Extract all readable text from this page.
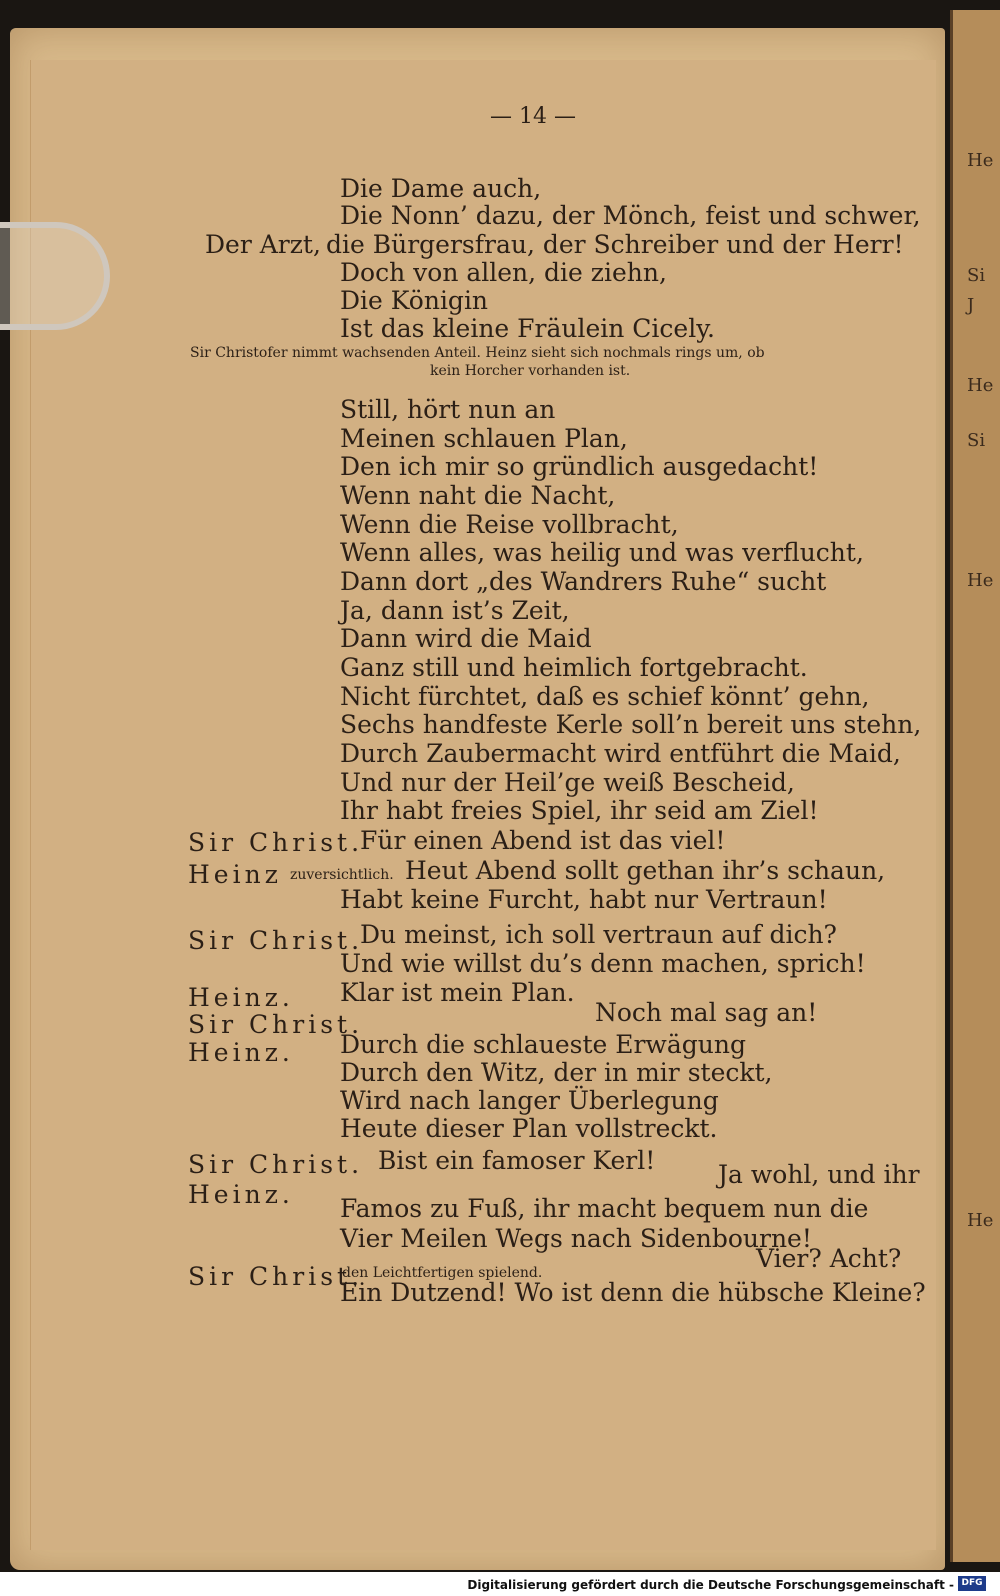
He
Si
J
He
Si
He
He
— 14 —
Die Dame auch,
Die Nonn’ dazu, der Mönch, feist und schwer,
Der Arzt, die Bürgersfrau, der Schreiber und der Herr!
Doch von allen, die ziehn,
Die Königin
Ist das kleine Fräulein Cicely.
Sir Christofer nimmt wachsenden Anteil. Heinz sieht sich nochmals rings um, ob
kein Horcher vorhanden ist.
Still, hört nun an
Meinen schlauen Plan,
Den ich mir so gründlich ausgedacht!
Wenn naht die Nacht,
Wenn die Reise vollbracht,
Wenn alles, was heilig und was verflucht,
Dann dort „des Wandrers Ruhe“ sucht
Ja, dann ist’s Zeit,
Dann wird die Maid
Ganz still und heimlich fortgebracht.
Nicht fürchtet, daß es schief könnt’ gehn,
Sechs handfeste Kerle soll’n bereit uns stehn,
Durch Zaubermacht wird entführt die Maid,
Und nur der Heil’ge weiß Bescheid,
Ihr habt freies Spiel, ihr seid am Ziel!
Sir Christ.
Für einen Abend ist das viel!
Heinz zuversichtlich. Heut Abend sollt gethan ihr’s schaun,
Habt keine Furcht, habt nur Vertraun!
Sir Christ.
Du meinst, ich soll vertraun auf dich?
Und wie willst du’s denn machen, sprich!
Heinz. Klar ist mein Plan.
Sir Christ.	Noch mal sag an!
Heinz. Durch die schlaueste Erwägung
Durch den Witz, der in mir steckt,
Wird nach langer Überlegung
Heute dieser Plan vollstreckt.
Sir Christ. Bist ein famoser Kerl!
Heinz.
Ja wohl, und ihr
Famos zu Fuß, ihr macht bequem nun die
Vier Meilen Wegs nach Sidenbourne!
Sir Christ.
den Leichtfertigen spielend.	Vier? Acht?
Ein Dutzend! Wo ist denn die hübsche Kleine?
Digitalisierung gefördert durch die Deutsche Forschungsgemeinschaft - DFG
